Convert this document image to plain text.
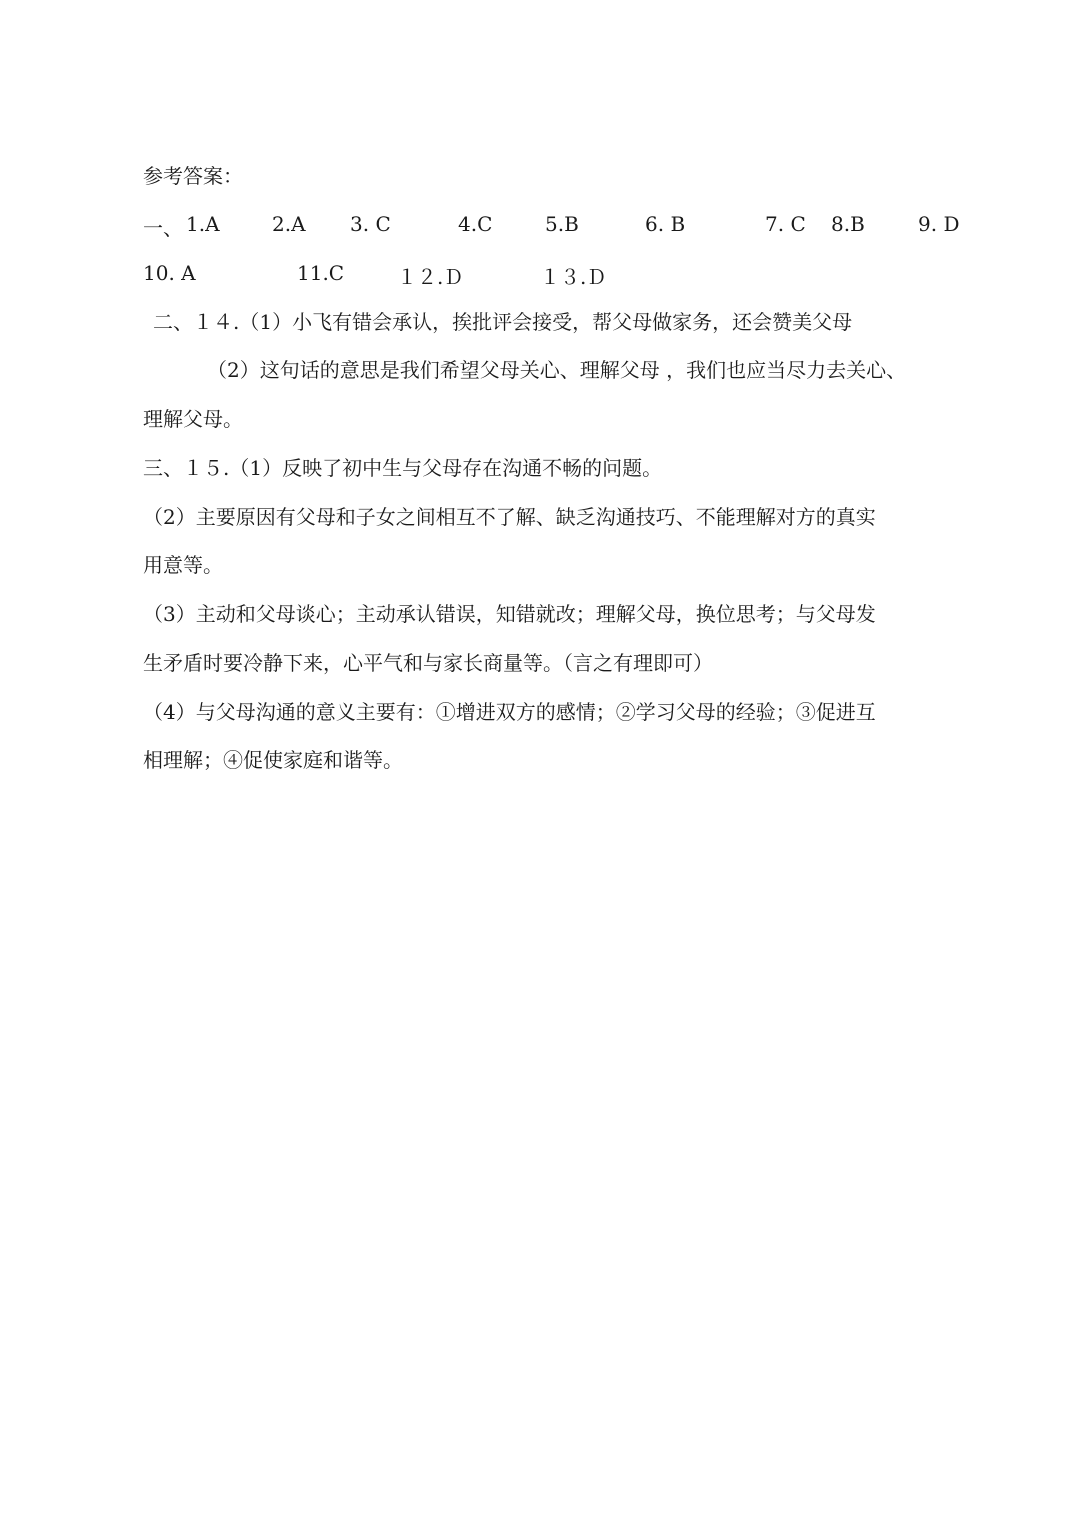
参考答案：
一、 1.A	2.A 3. C	4.C	5.B	6. B	7. C 8.B	9. D
10. A	11.C	１２.Ｄ	１３.Ｄ
二、１４.（1）小飞有错会承认，挨批评会接受，帮父母做家务，还会赞美父母
（2）这句话的意思是我们希望父母关心、理解父母 ，我们也应当尽力去关心、
理解父母。
三、１５.（1）反映了初中生与父母存在沟通不畅的问题。
（2）主要原因有父母和子女之间相互不了解、缺乏沟通技巧、不能理解对方的真实
用意等。
（3）主动和父母谈心；主动承认错误，知错就改；理解父母，换位思考；与父母发
生矛盾时要冷静下来，心平气和与家长商量等。（言之有理即可）
（4）与父母沟通的意义主要有：①增进双方的感情；②学习父母的经验；③促进互
相理解；④促使家庭和谐等。
